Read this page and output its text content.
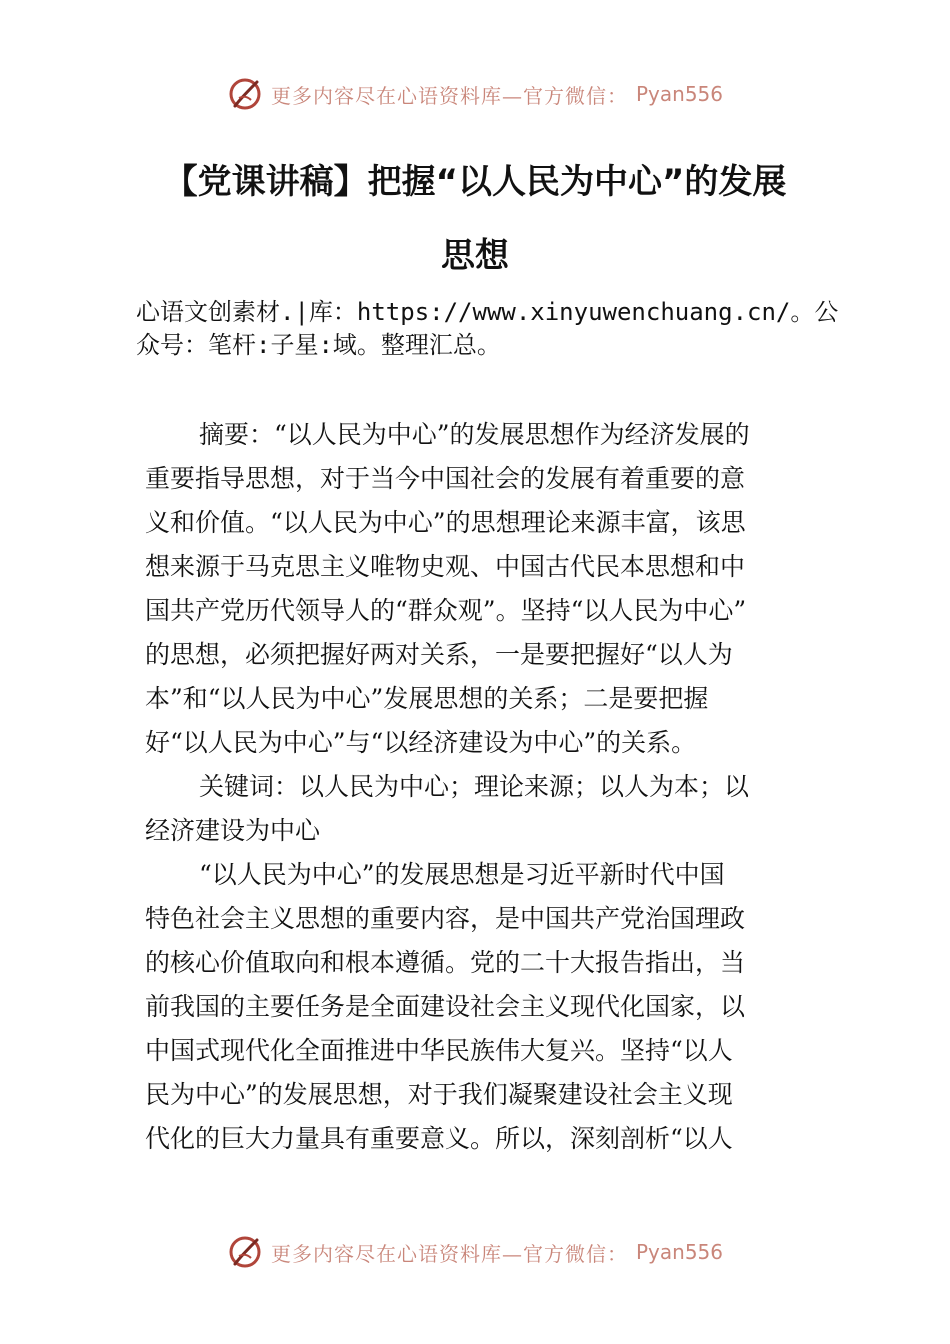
更多内容尽在心语资料库—官方微信： Pyan556
【党课讲稿】把握“以人民为中心”的发展
思想
心语文创素材.|库：https://www.xinyuwenchuang.cn/。公
众号：笔杆:子星:域。整理汇总。
摘要：“以人民为中心”的发展思想作为经济发展的
重要指导思想，对于当今中国社会的发展有着重要的意
义和价值。“以人民为中心”的思想理论来源丰富，该思
想来源于马克思主义唯物史观、中国古代民本思想和中
国共产党历代领导人的“群众观”。坚持“以人民为中心”
的思想，必须把握好两对关系，一是要把握好“以人为
本”和“以人民为中心”发展思想的关系；二是要把握
好“以人民为中心”与“以经济建设为中心”的关系。
关键词：以人民为中心；理论来源；以人为本；以
经济建设为中心
“以人民为中心”的发展思想是习近平新时代中国
特色社会主义思想的重要内容，是中国共产党治国理政
的核心价值取向和根本遵循。党的二十大报告指出，当
前我国的主要任务是全面建设社会主义现代化国家，以
中国式现代化全面推进中华民族伟大复兴。坚持“以人
民为中心”的发展思想，对于我们凝聚建设社会主义现
代化的巨大力量具有重要意义。所以，深刻剖析“以人
更多内容尽在心语资料库—官方微信： Pyan556
